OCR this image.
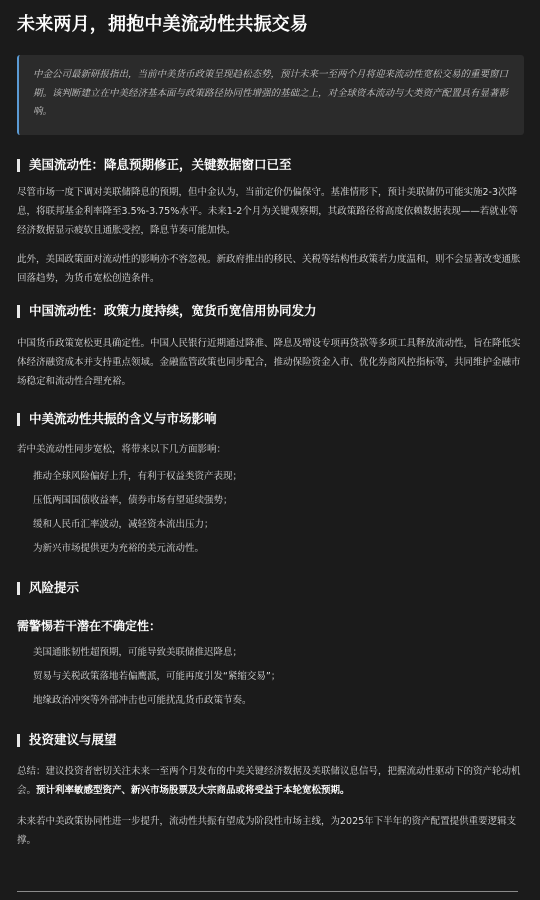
未来两月，拥抱中美流动性共振交易
中金公司最新研报指出，当前中美货币政策呈现趋松态势，预计未来一至两个月将迎来流动性宽松交易的重要窗口期。该判断建立在中美经济基本面与政策路径协同性增强的基础之上，对全球资本流动与大类资产配置具有显著影响。
美国流动性：降息预期修正，关键数据窗口已至

尽管市场一度下调对美联储降息的预期，但中金认为，当前定价仍偏保守。基准情形下，预计美联储仍可能实施2-3次降息，将联邦基金利率降至3.5%-3.75%水平。未来1-2个月为关键观察期，其政策路径将高度依赖数据表现——若就业等经济数据显示疲软且通胀受控，降息节奏可能加快。

此外，美国政策面对流动性的影响亦不容忽视。新政府推出的移民、关税等结构性政策若力度温和，则不会显著改变通胀回落趋势，为货币宽松创造条件。

中国流动性：政策力度持续，宽货币宽信用协同发力

中国货币政策宽松更具确定性。中国人民银行近期通过降准、降息及增设专项再贷款等多项工具释放流动性，旨在降低实体经济融资成本并支持重点领域。金融监管政策也同步配合，推动保险资金入市、优化券商风控指标等，共同维护金融市场稳定和流动性合理充裕。

中美流动性共振的含义与市场影响

若中美流动性同步宽松，将带来以下几方面影响：

推动全球风险偏好上升，有利于权益类资产表现；
压低两国国债收益率，债券市场有望延续强势；
缓和人民币汇率波动，减轻资本流出压力；
为新兴市场提供更为充裕的美元流动性。
风险提示
需警惕若干潜在不确定性：
美国通胀韧性超预期，可能导致美联储推迟降息；
贸易与关税政策落地若偏鹰派，可能再度引发“紧缩交易”；
地缘政治冲突等外部冲击也可能扰乱货币政策节奏。
投资建议与展望

总结：建议投资者密切关注未来一至两个月发布的中美关键经济数据及美联储议息信号，把握流动性驱动下的资产轮动机会。预计利率敏感型资产、新兴市场股票及大宗商品或将受益于本轮宽松预期。

未来若中美政策协同性进一步提升，流动性共振有望成为阶段性市场主线，为2025年下半年的资产配置提供重要逻辑支撑。
